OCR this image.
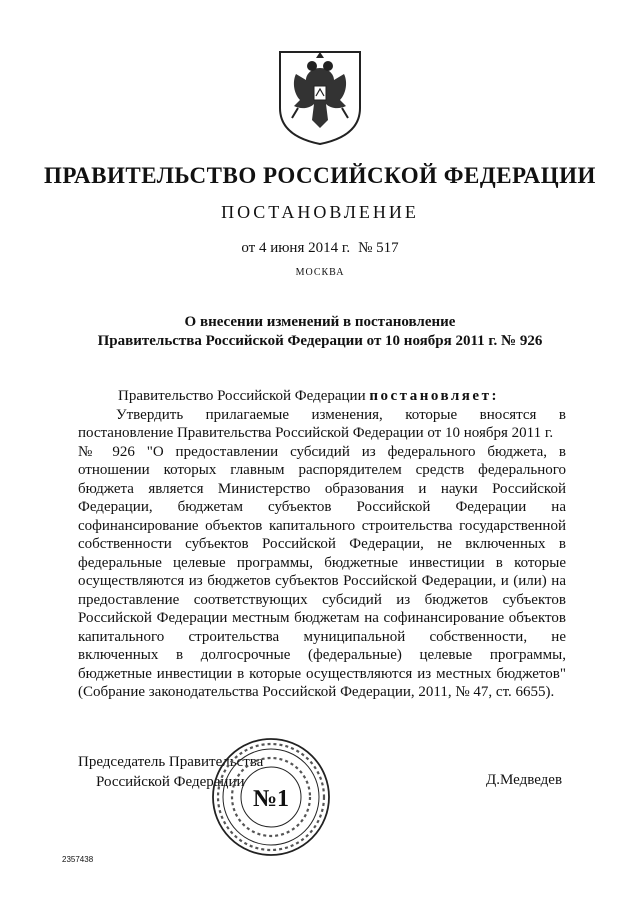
ПРАВИТЕЛЬСТВО РОССИЙСКОЙ ФЕДЕРАЦИИ
ПОСТАНОВЛЕНИЕ
от 4 июня 2014 г. № 517
МОСКВА
О внесении изменений в постановление
Правительства Российской Федерации от 10 ноября 2011 г. № 926
Правительство Российской Федерации постановляет:
Утвердить прилагаемые изменения, которые вносятся в
постановление Правительства Российской Федерации от 10 ноября 2011 г.
№ 926 "О предоставлении субсидий из федерального бюджета, в
отношении которых главным распорядителем средств федерального
бюджета является Министерство образования и науки Российской
Федерации, бюджетам субъектов Российской Федерации на
софинансирование объектов капитального строительства государственной
собственности субъектов Российской Федерации, не включенных в
федеральные целевые программы, бюджетные инвестиции в которые
осуществляются из бюджетов субъектов Российской Федерации, и (или) на
предоставление соответствующих субсидий из бюджетов субъектов
Российской Федерации местным бюджетам на софинансирование объектов
капитального строительства муниципальной собственности, не
включенных в долгосрочные (федеральные) целевые программы,
бюджетные инвестиции в которые осуществляются из местных бюджетов"
(Собрание законодательства Российской Федерации, 2011, № 47, ст. 6655).
Председатель Правительства
Российской Федерации	Д.Медведев
№1
2357438
